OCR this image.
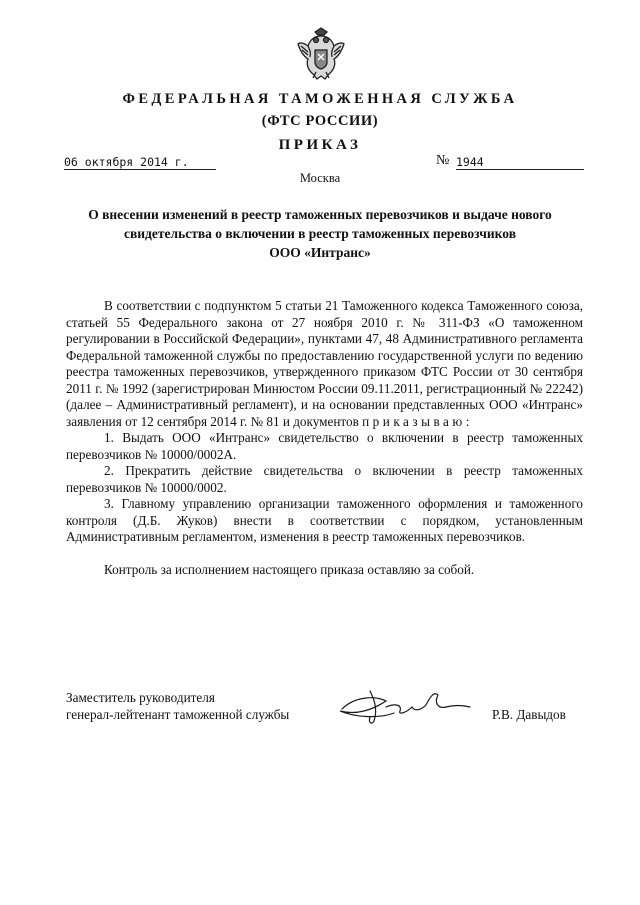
ФЕДЕРАЛЬНАЯ ТАМОЖЕННАЯ СЛУЖБА
(ФТС РОССИИ)
ПРИКАЗ
06 октября 2014 г.	№ 1944
Москва
О внесении изменений в реестр таможенных перевозчиков и выдаче нового
свидетельства о включении в реестр таможенных перевозчиков
ООО «Интранс»

В соответствии с подпунктом 5 статьи 21 Таможенного кодекса Таможенного союза, статьей 55 Федерального закона от 27 ноября 2010 г. № 311-ФЗ «О таможенном регулировании в Российской Федерации», пунктами 47, 48 Административного регламента Федеральной таможенной службы по предоставлению государственной услуги по ведению реестра таможенных перевозчиков, утвержденного приказом ФТС России от 30 сентября 2011 г. № 1992 (зарегистрирован Минюстом России 09.11.2011, регистрационный № 22242) (далее – Административный регламент), и на основании представленных ООО «Интранс» заявления от 12 сентября 2014 г. № 81 и документов приказываю:

1. Выдать ООО «Интранс» свидетельство о включении в реестр таможенных перевозчиков № 10000/0002А.

2. Прекратить действие свидетельства о включении в реестр таможенных перевозчиков № 10000/0002.

3. Главному управлению организации таможенного оформления и таможенного контроля (Д.Б. Жуков) внести в соответствии с порядком, установленным Административным регламентом, изменения в реестр таможенных перевозчиков.

Контроль за исполнением настоящего приказа оставляю за собой.

Заместитель руководителя
генерал-лейтенант таможенной службы	Р.В. Давыдов
